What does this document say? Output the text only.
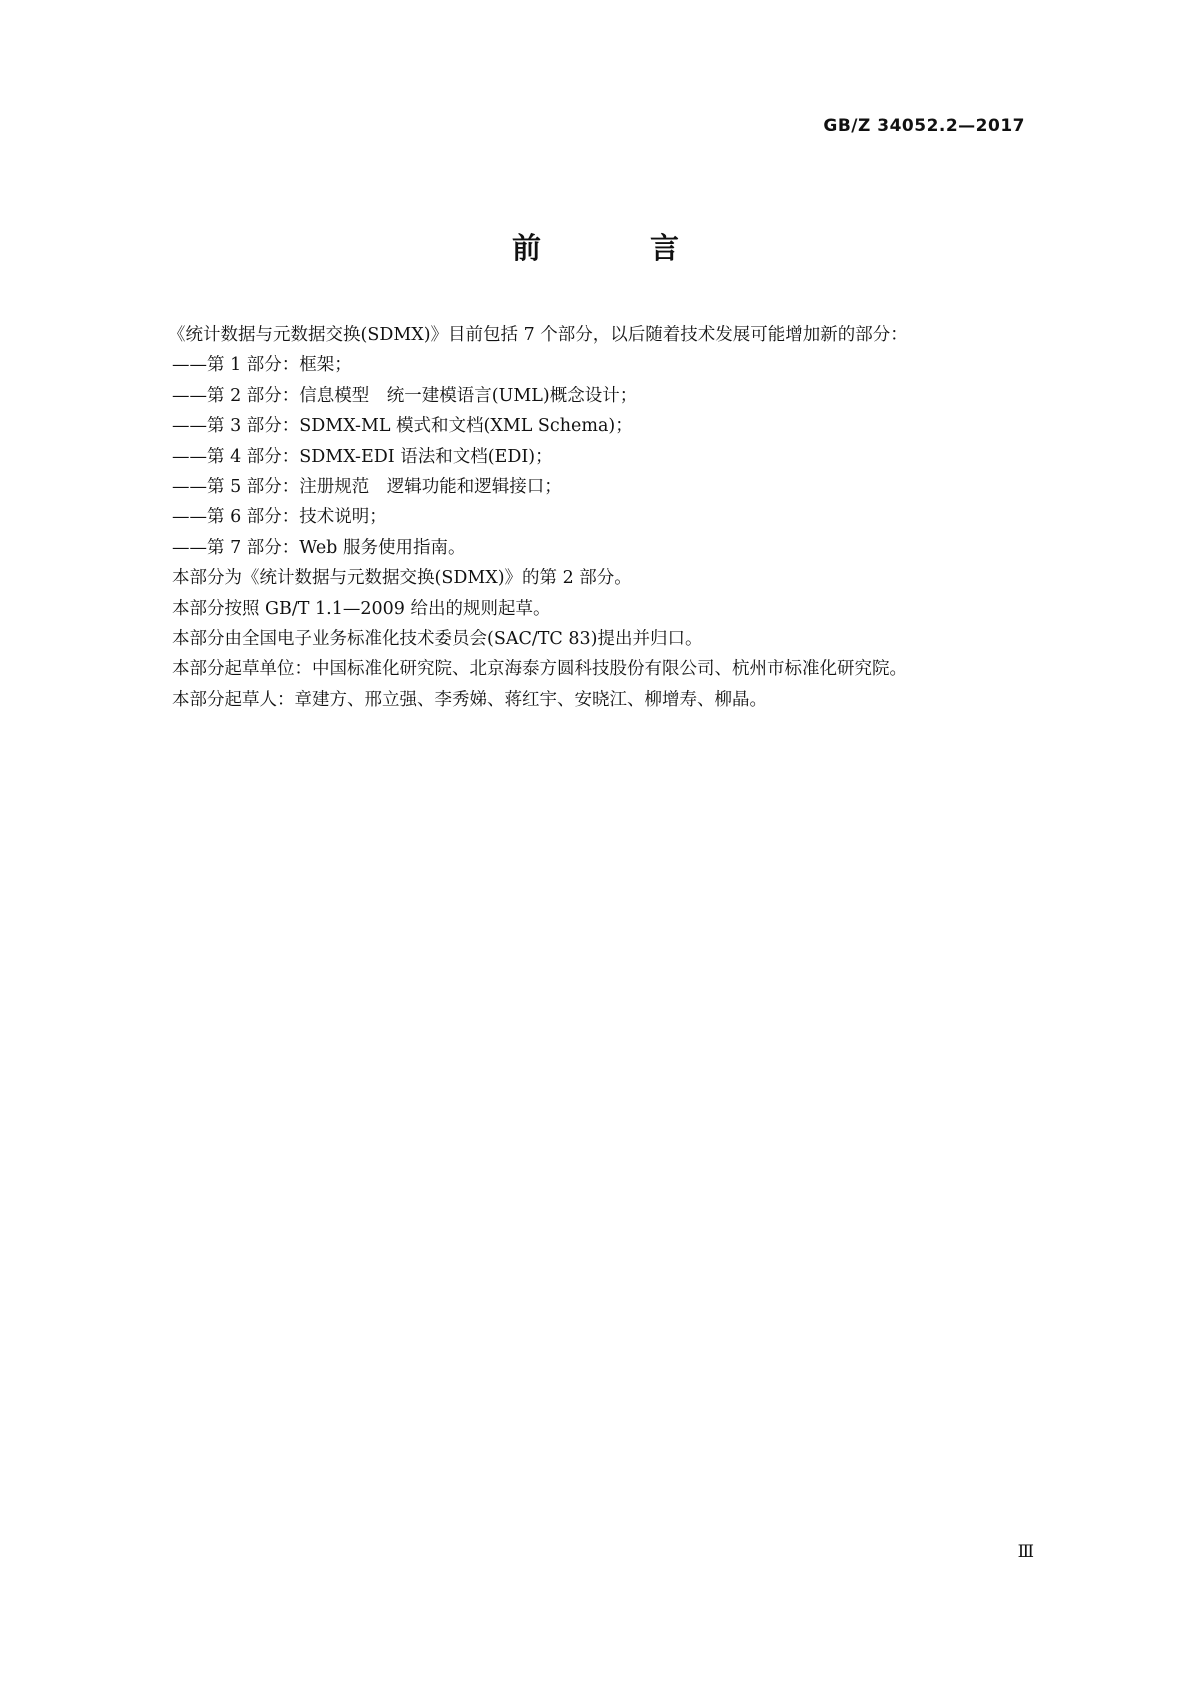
GB/Z 34052.2—2017
前　言
《统计数据与元数据交换(SDMX)》目前包括 7 个部分，以后随着技术发展可能增加新的部分：
——第 1 部分：框架；
——第 2 部分：信息模型　统一建模语言(UML)概念设计；
——第 3 部分：SDMX-ML 模式和文档(XML Schema)；
——第 4 部分：SDMX-EDI 语法和文档(EDI)；
——第 5 部分：注册规范　逻辑功能和逻辑接口；
——第 6 部分：技术说明；
——第 7 部分：Web 服务使用指南。
本部分为《统计数据与元数据交换(SDMX)》的第 2 部分。
本部分按照 GB/T 1.1—2009 给出的规则起草。
本部分由全国电子业务标准化技术委员会(SAC/TC 83)提出并归口。
本部分起草单位：中国标准化研究院、北京海泰方圆科技股份有限公司、杭州市标准化研究院。
本部分起草人：章建方、邢立强、李秀娣、蒋红宇、安晓江、柳增寿、柳晶。
Ⅲ
